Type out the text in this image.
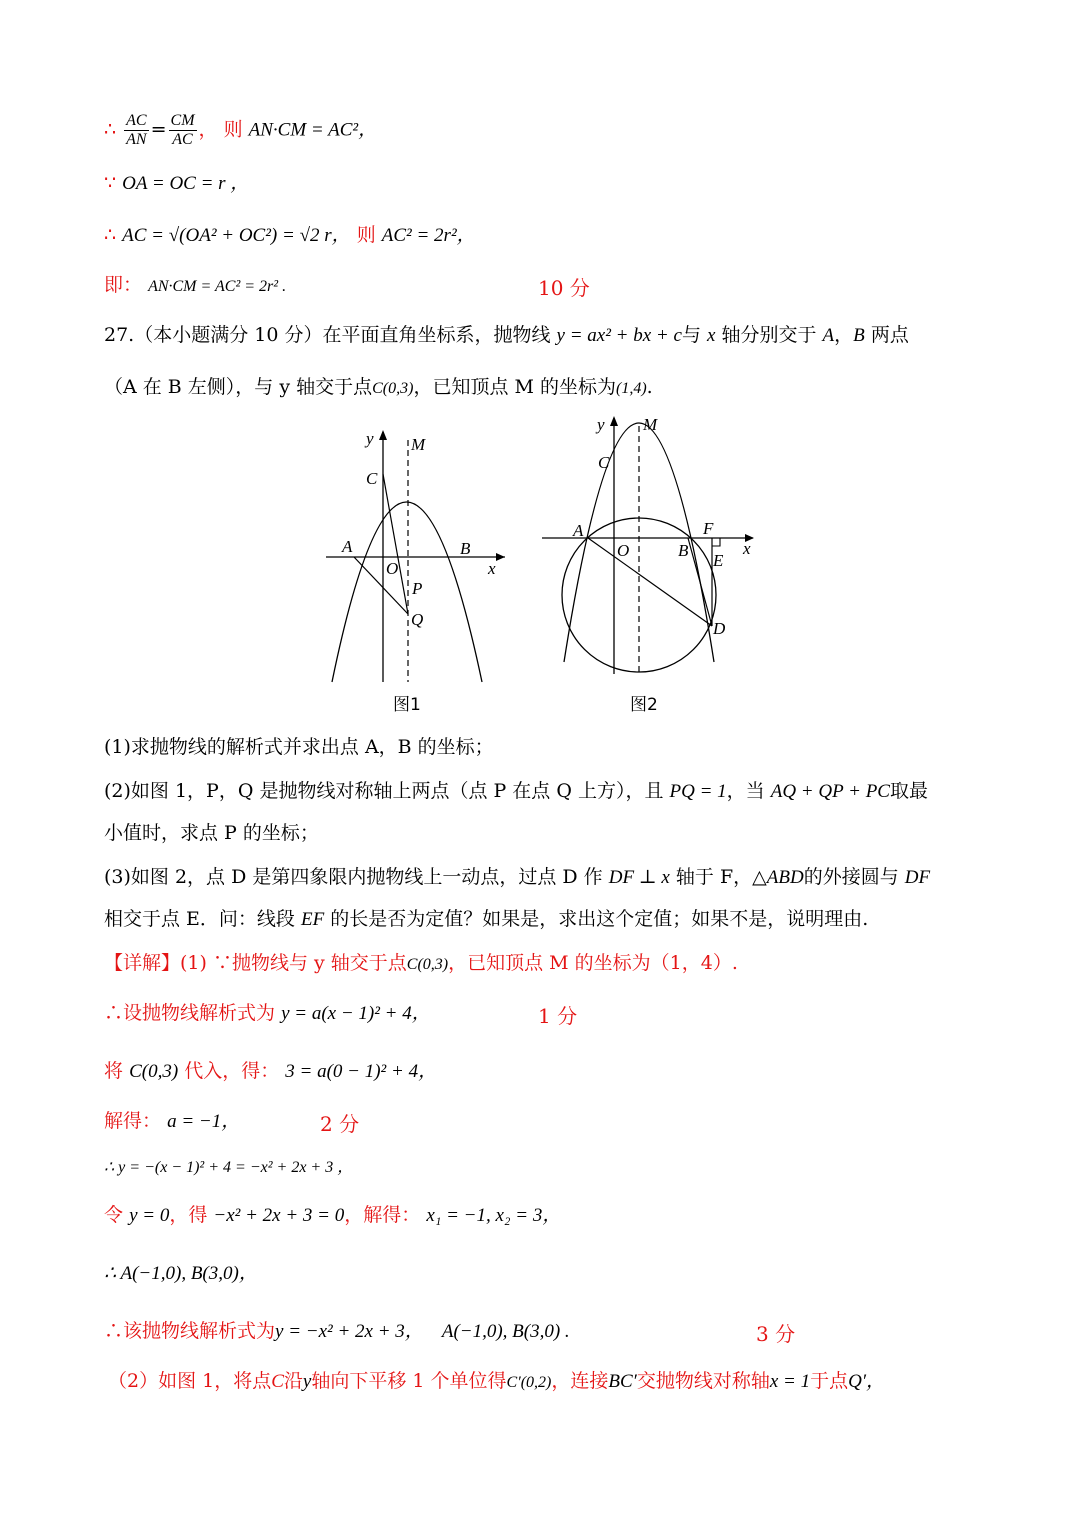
∴ $\frac{AC}{AN} = \frac{CM}{AC}$ ， 则 AN·CM = AC²，
∵ OA = OC = r ，
∴ AC = √(OA² + OC²) = √2 r， 则 AC² = 2r²，
即： AN·CM = AC² = 2r² .	10 分
27.（本小题满分 10 分）在平面直角坐标系，抛物线 y = ax² + bx + c与 x 轴分别交于 A，B 两点
（A 在 B 左侧），与 y 轴交于点C(0,3)，已知顶点 M 的坐标为(1,4).
y M
C
A	B
x
O
P
Q
y M
C
A
O	B
F
E
x
D
图1	图2
(1)求抛物线的解析式并求出点 A，B 的坐标；
(2)如图 1，P，Q 是抛物线对称轴上两点（点 P 在点 Q 上方），且 PQ = 1，当 AQ + QP + PC取最
小值时，求点 P 的坐标；
(3)如图 2，点 D 是第四象限内抛物线上一动点，过点 D 作 DF ⊥ x 轴于 F，△ABD的外接圆与 DF
相交于点 E．问：线段 EF 的长是否为定值？如果是，求出这个定值；如果不是，说明理由.
【详解】(1) ∵抛物线与 y 轴交于点C(0,3)，已知顶点 M 的坐标为（1，4）.
∴设抛物线解析式为 y = a(x − 1)² + 4，	1 分
将 C(0,3) 代入，得： 3 = a(0 − 1)² + 4，
解得： a = −1，	2 分
∴ y = −(x − 1)² + 4 = −x² + 2x + 3 ，
令 y = 0，得 −x² + 2x + 3 = 0，解得： x₁ = −1, x₂ = 3，
∴ A(−1,0), B(3,0)，
∴该抛物线解析式为y = −x² + 2x + 3， A(−1,0), B(3,0) .	3 分
（2）如图 1，将点C沿y轴向下平移 1 个单位得C′(0,2)，连接BC′交抛物线对称轴x = 1于点Q′，
